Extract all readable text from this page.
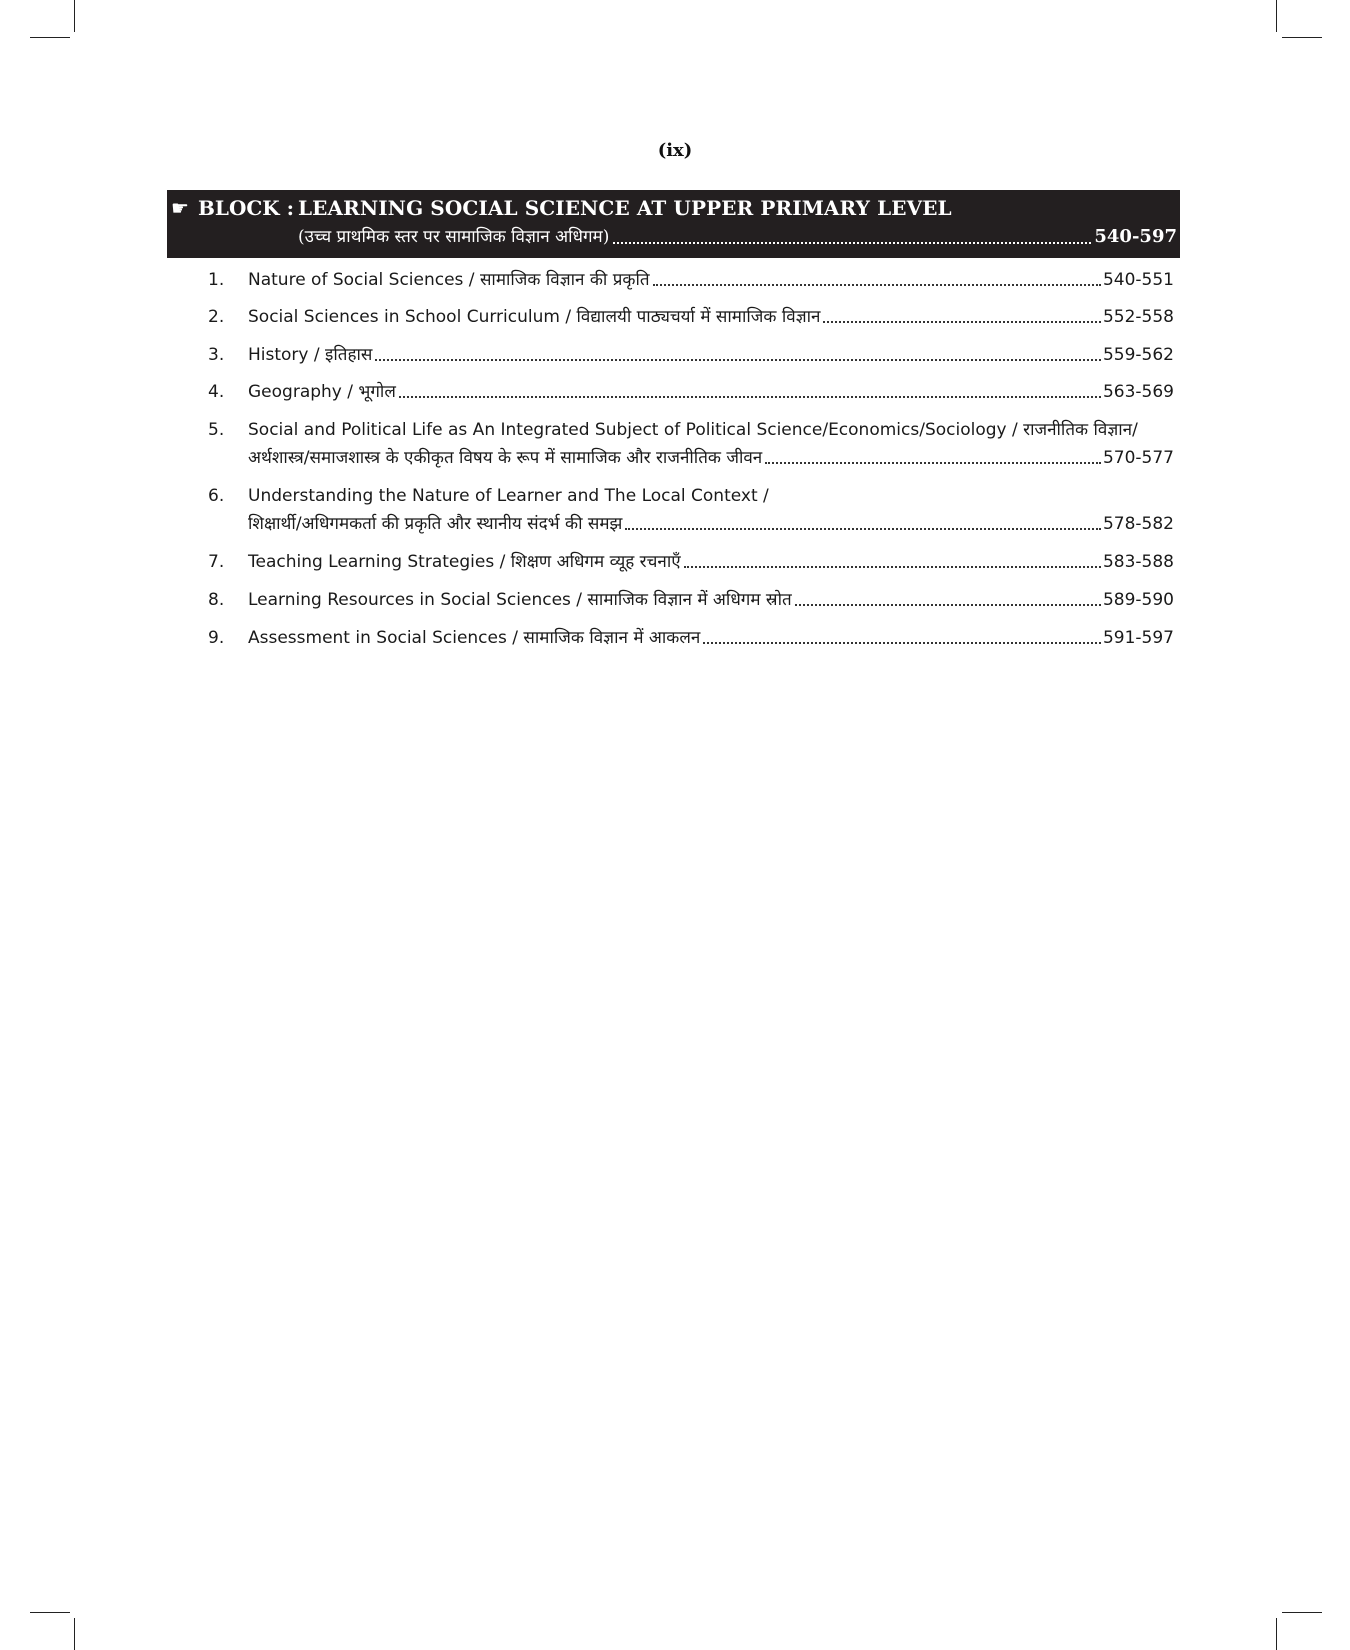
(ix)
☛ BLOCK : LEARNING SOCIAL SCIENCE AT UPPER PRIMARY LEVEL
(उच्च प्राथमिक स्तर पर सामाजिक विज्ञान अधिगम)	540-597
1.	Nature of Social Sciences / सामाजिक विज्ञान की प्रकृति	540-551
2.	Social Sciences in School Curriculum / विद्यालयी पाठ्यचर्या में सामाजिक विज्ञान	552-558
3.	History / इतिहास	559-562
4.	Geography / भूगोल	563-569
5.	Social and Political Life as An Integrated Subject of Political Science/Economics/Sociology / राजनीतिक विज्ञान/
अर्थशास्त्र/समाजशास्त्र के एकीकृत विषय के रूप में सामाजिक और राजनीतिक जीवन	570-577
6.	Understanding the Nature of Learner and The Local Context /
शिक्षार्थी/अधिगमकर्ता की प्रकृति और स्थानीय संदर्भ की समझ	578-582
7.	Teaching Learning Strategies / शिक्षण अधिगम व्यूह रचनाएँ	583-588
8.	Learning Resources in Social Sciences / सामाजिक विज्ञान में अधिगम स्रोत	589-590
9.	Assessment in Social Sciences / सामाजिक विज्ञान में आकलन	591-597
